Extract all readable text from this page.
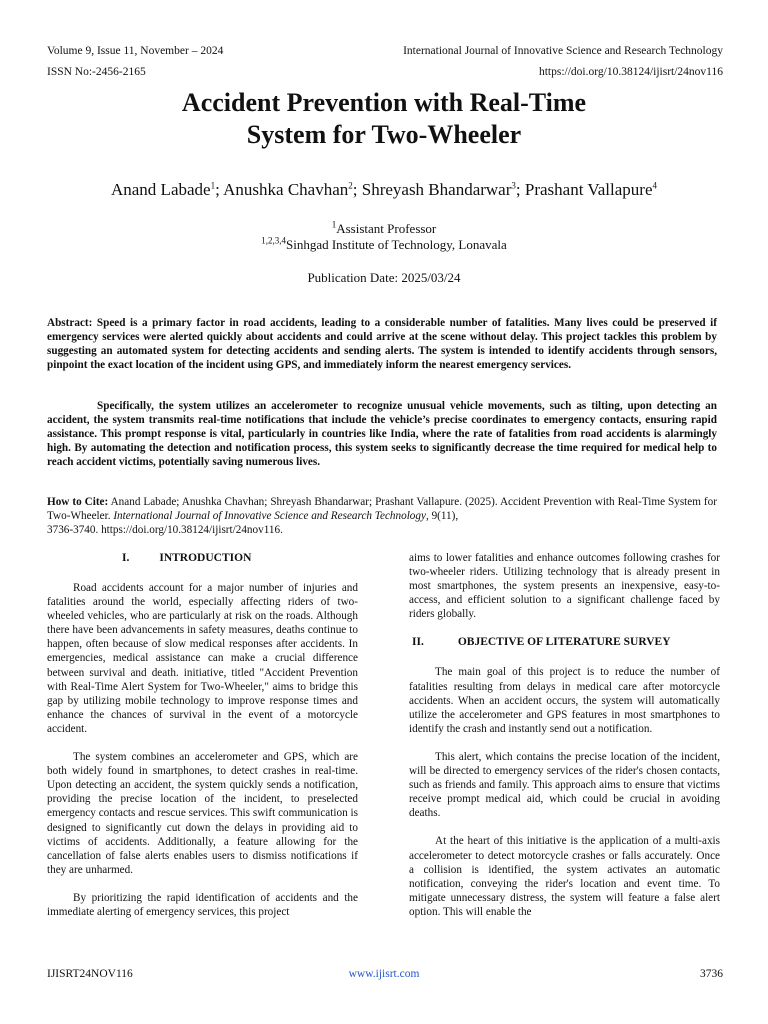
Volume 9, Issue 11, November – 2024	International Journal of Innovative Science and Research Technology
ISSN No:-2456-2165	https://doi.org/10.38124/ijisrt/24nov116
Accident Prevention with Real-Time
System for Two-Wheeler
Anand Labade$^1$; Anushka Chavhan$^2$; Shreyash Bhandarwar$^3$; Prashant Vallapure$^4$
$^1$Assistant Professor
$^{1,2,3,4}$Sinhgad Institute of Technology, Lonavala
Publication Date: 2025/03/24

Abstract: Speed is a primary factor in road accidents, leading to a considerable number of fatalities. Many lives could be preserved if emergency services were alerted quickly about accidents and could arrive at the scene without delay. This project tackles this problem by suggesting an automated system for detecting accidents and sending alerts. The system is intended to identify accidents through sensors, pinpoint the exact location of the incident using GPS, and immediately inform the nearest emergency services.

Specifically, the system utilizes an accelerometer to recognize unusual vehicle movements, such as tilting, upon detecting an accident, the system transmits real-time notifications that include the vehicle’s precise coordinates to emergency contacts, ensuring rapid assistance. This prompt response is vital, particularly in countries like India, where the rate of fatalities from road accidents is alarmingly high. By automating the detection and notification process, this system seeks to significantly decrease the time required for medical help to reach accident victims, potentially saving numerous lives.

How to Cite: Anand Labade; Anushka Chavhan; Shreyash Bhandarwar; Prashant Vallapure. (2025). Accident Prevention with Real-Time System for Two-Wheeler. International Journal of Innovative Science and Research Technology, 9(11),
3736-3740. https://doi.org/10.38124/ijisrt/24nov116.

I.	INTRODUCTION

Road accidents account for a major number of injuries and fatalities around the world, especially affecting riders of two-wheeled vehicles, who are particularly at risk on the roads. Although there have been advancements in safety measures, deaths continue to happen, often because of slow medical responses after accidents. In emergencies, medical assistance can make a crucial difference between survival and death. initiative, titled "Accident Prevention with Real-Time Alert System for Two-Wheeler," aims to bridge this gap by utilizing mobile technology to improve response times and enhance the chances of survival in the event of a motorcycle accident.

The system combines an accelerometer and GPS, which are both widely found in smartphones, to detect crashes in real-time. Upon detecting an accident, the system quickly sends a notification, providing the precise location of the incident, to preselected emergency contacts and rescue services. This swift communication is designed to significantly cut down the delays in providing aid to victims of accidents. Additionally, a feature allowing for the cancellation of false alerts enables users to dismiss notifications if they are unharmed.

By prioritizing the rapid identification of accidents and the immediate alerting of emergency services, this project

aims to lower fatalities and enhance outcomes following crashes for two-wheeler riders. Utilizing technology that is already present in most smartphones, the system presents an inexpensive, easy-to-access, and efficient solution to a significant challenge faced by riders globally.

II.	OBJECTIVE OF LITERATURE SURVEY

The main goal of this project is to reduce the number of fatalities resulting from delays in medical care after motorcycle accidents. When an accident occurs, the system will automatically utilize the accelerometer and GPS features in most smartphones to identify the crash and instantly send out a notification.

This alert, which contains the precise location of the incident, will be directed to emergency services of the rider's chosen contacts, such as friends and family. This approach aims to ensure that victims receive prompt medical aid, which could be crucial in avoiding deaths.

At the heart of this initiative is the application of a multi-axis accelerometer to detect motorcycle crashes or falls accurately. Once a collision is identified, the system activates an automatic notification, conveying the rider's location and event time. To mitigate unnecessary distress, the system will feature a false alert option. This will enable the

IJISRT24NOV116	www.ijisrt.com	3736
